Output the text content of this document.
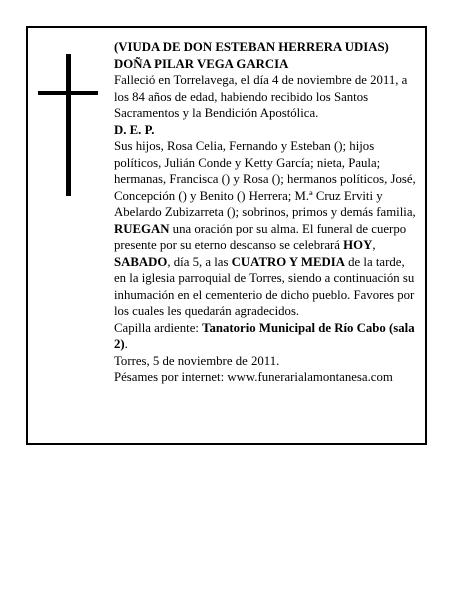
(VIUDA DE DON ESTEBAN HERRERA UDIAS)

DOÑA PILAR VEGA GARCIA

Falleció en Torrelavega, el día 4 de noviembre de 2011, a los 84 años de edad, habiendo recibido los Santos Sacramentos y la Bendición Apostólica.

D. E. P.

Sus hijos, Rosa Celia, Fernando y Esteban (); hijos políticos, Julián Conde y Ketty García; nieta, Paula; hermanas, Francisca () y Rosa (); hermanos políticos, José, Concepción () y Benito () Herrera; M.ª Cruz Erviti y Abelardo Zubizarreta (); sobrinos, primos y demás familia,

RUEGAN una oración por su alma. El funeral de cuerpo presente por su eterno descanso se celebrará HOY, SABADO, día 5, a las CUATRO Y MEDIA de la tarde, en la iglesia parroquial de Torres, siendo a continuación su inhumación en el cementerio de dicho pueblo. Favores por los cuales les quedarán agradecidos.

Capilla ardiente: Tanatorio Municipal de Río Cabo (sala 2).

Torres, 5 de noviembre de 2011.

Pésames por internet: www.funerarialamontanesa.com
